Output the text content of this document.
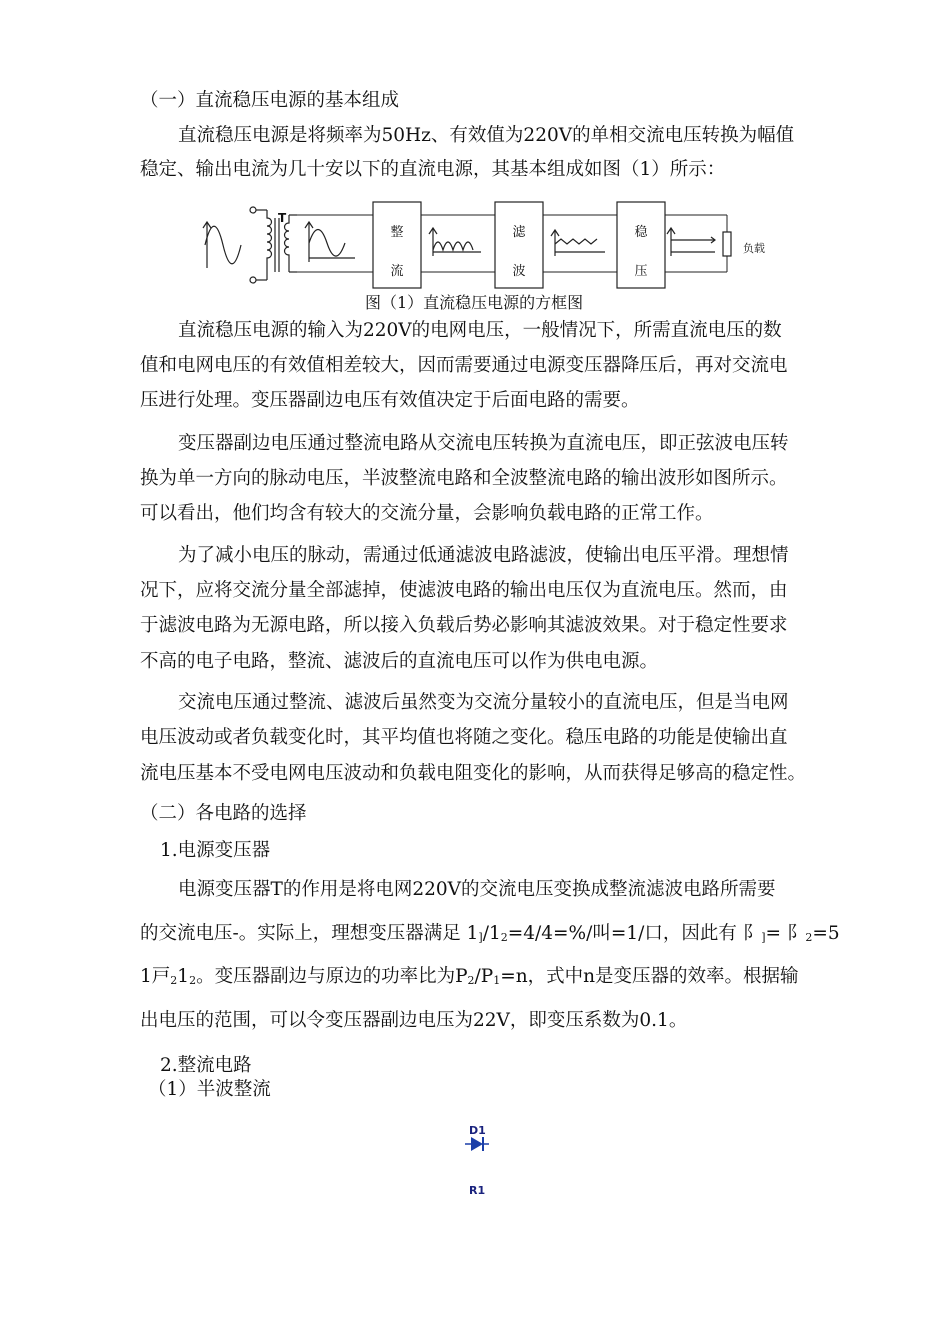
（一）直流稳压电源的基本组成
直流稳压电源是将频率为50Hz、有效值为220V的单相交流电压转换为幅值
稳定、输出电流为几十安以下的直流电源，其基本组成如图（1）所示：
T
整
流
滤
波
稳
压
负载
图（1）直流稳压电源的方框图
直流稳压电源的输入为220V的电网电压，一般情况下，所需直流电压的数
值和电网电压的有效值相差较大，因而需要通过电源变压器降压后，再对交流电
压进行处理。变压器副边电压有效值决定于后面电路的需要。
变压器副边电压通过整流电路从交流电压转换为直流电压，即正弦波电压转
换为单一方向的脉动电压，半波整流电路和全波整流电路的输出波形如图所示。
可以看出，他们均含有较大的交流分量，会影响负载电路的正常工作。
为了减小电压的脉动，需通过低通滤波电路滤波，使输出电压平滑。理想情
况下，应将交流分量全部滤掉，使滤波电路的输出电压仅为直流电压。然而，由
于滤波电路为无源电路，所以接入负载后势必影响其滤波效果。对于稳定性要求
不高的电子电路，整流、滤波后的直流电压可以作为供电电源。
交流电压通过整流、滤波后虽然变为交流分量较小的直流电压，但是当电网
电压波动或者负载变化时，其平均值也将随之变化。稳压电路的功能是使输出直
流电压基本不受电网电压波动和负载电阻变化的影响，从而获得足够高的稳定性。
（二）各电路的选择
1.电源变压器
电源变压器T的作用是将电网220V的交流电压变换成整流滤波电路所需要
的交流电压-。实际上，理想变压器满足 $1_]/1_2=4/4=\%/$叫=1/口，因此有 阝$_]$= 阝$_2$=5
1戸$_21_2$。变压器副边与原边的功率比为$P_2/P_1=n$，式中n是变压器的效率。根据输
出电压的范围，可以令变压器副边电压为22V，即变压系数为0.1。
2.整流电路
（1）半波整流
D1
R1
